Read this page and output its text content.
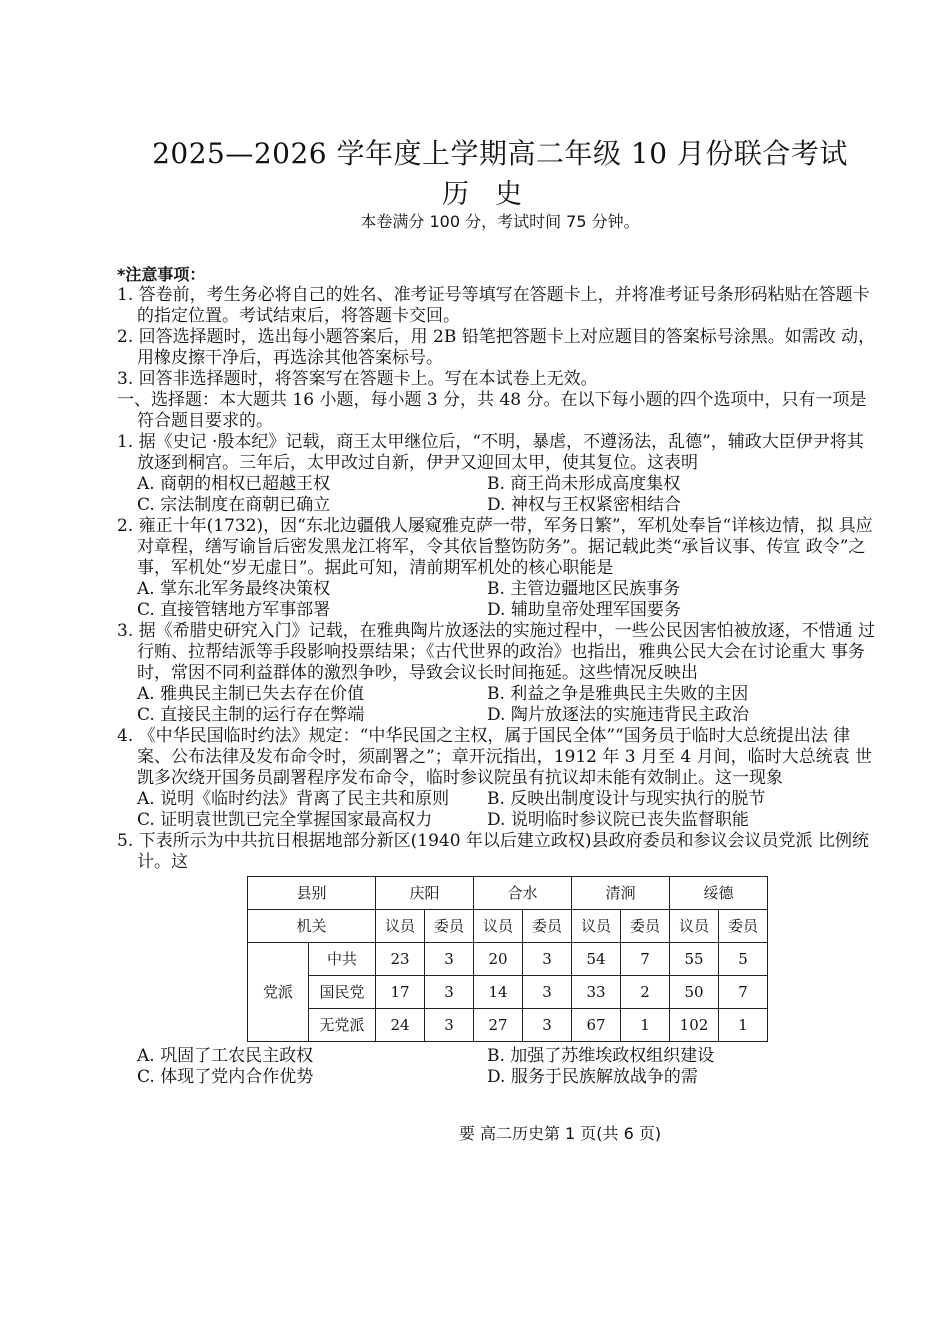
2025—2026 学年度上学期高二年级 10 月份联合考试
历史
本卷满分 100 分，考试时间 75 分钟。
*注意事项：
1. 答卷前，考生务必将自己的姓名、准考证号等填写在答题卡上，并将准考证号条形码粘贴在答题卡的指定位置。考试结束后，将答题卡交回。
2. 回答选择题时，选出每小题答案后，用 2B 铅笔把答题卡上对应题目的答案标号涂黑。如需改 动，用橡皮擦干净后，再选涂其他答案标号。
3. 回答非选择题时，将答案写在答题卡上。写在本试卷上无效。
一、选择题：本大题共 16 小题，每小题 3 分，共 48 分。在以下每小题的四个选项中，只有一项是 符合题目要求的。
1. 据《史记 ·殷本纪》记载，商王太甲继位后，“不明，暴虐，不遵汤法，乱德”，辅政大臣伊尹将其 放逐到桐宫。三年后，太甲改过自新，伊尹又迎回太甲，使其复位。这表明
A. 商朝的相权已超越王权	B. 商王尚未形成高度集权
C. 宗法制度在商朝已确立	D. 神权与王权紧密相结合
2. 雍正十年(1732)，因“东北边疆俄人屡窥雅克萨一带，军务日繁”，军机处奉旨“详核边情，拟 具应对章程，缮写谕旨后密发黑龙江将军，令其依旨整饬防务”。据记载此类“承旨议事、传宣 政令”之事，军机处“岁无虚日”。据此可知，清前期军机处的核心职能是
A. 掌东北军务最终决策权	B. 主管边疆地区民族事务
C. 直接管辖地方军事部署	D. 辅助皇帝处理军国要务
3. 据《希腊史研究入门》记载，在雅典陶片放逐法的实施过程中，一些公民因害怕被放逐，不惜通 过行贿、拉帮结派等手段影响投票结果；《古代世界的政治》也指出，雅典公民大会在讨论重大 事务时，常因不同利益群体的激烈争吵，导致会议长时间拖延。这些情况反映出
A. 雅典民主制已失去存在价值	B. 利益之争是雅典民主失败的主因
C. 直接民主制的运行存在弊端	D. 陶片放逐法的实施违背民主政治
4. 《中华民国临时约法》规定：“中华民国之主权，属于国民全体”“国务员于临时大总统提出法 律案、公布法律及发布命令时，须副署之”；章开沅指出，1912 年 3 月至 4 月间，临时大总统袁 世凯多次绕开国务员副署程序发布命令，临时参议院虽有抗议却未能有效制止。这一现象
A. 说明《临时约法》背离了民主共和原则	B. 反映出制度设计与现实执行的脱节
C. 证明袁世凯已完全掌握国家最高权力	D. 说明临时参议院已丧失监督职能
5. 下表所示为中共抗日根据地部分新区(1940 年以后建立政权)县政府委员和参议会议员党派 比例统计。这
县别		庆阳		合水		清涧		绥德	
机关		议员	委员	议员	委员	议员	委员	议员	委员
党派	中共	23	3	20	3	54	7	55	5
	国民党	17	3	14	3	33	2	50	7
	无党派	24	3	27	3	67	1	102	1
A. 巩固了工农民主政权	B. 加强了苏维埃政权组织建设
C. 体现了党内合作优势	D. 服务于民族解放战争的需
要 高二历史第 1 页(共 6 页)
